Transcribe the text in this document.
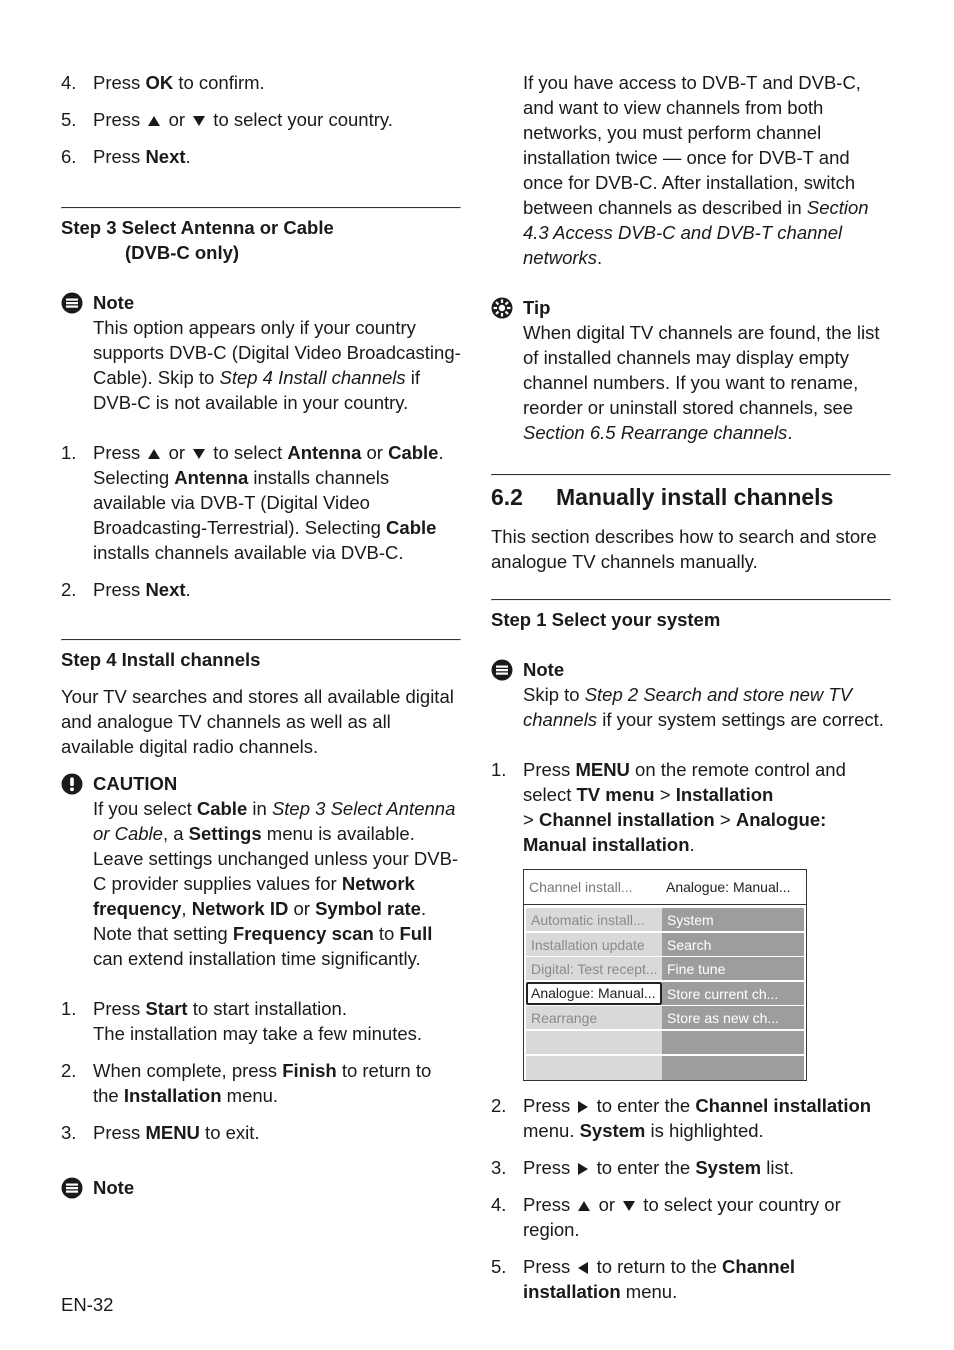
4. Press OK to confirm.
5. Press  or  to select your country.
6. Press Next.
Step 3 Select Antenna or Cable
(DVB-C only)
Note
This option appears only if your country supports DVB-C (Digital Video Broadcasting-Cable). Skip to Step 4 Install channels if DVB-C is not available in your country.
1. Press  or  to select Antenna or Cable.
Selecting Antenna installs channels available via DVB-T (Digital Video Broadcasting-Terrestrial). Selecting Cable installs channels available via DVB-C.
2. Press Next.
Step 4 Install channels
Your TV searches and stores all available digital and analogue TV channels as well as all available digital radio channels.
CAUTION
If you select Cable in Step 3 Select Antenna or Cable, a Settings menu is available. Leave settings unchanged unless your DVB-C provider supplies values for Network frequency, Network ID or Symbol rate. Note that setting Frequency scan to Full can extend installation time significantly.
1. Press Start to start installation.
The installation may take a few minutes.
2. When complete, press Finish to return to the Installation menu.
3. Press MENU to exit.
Note
EN-32
If you have access to DVB-T and DVB-C, and want to view channels from both networks, you must perform channel installation twice — once for DVB-T and once for DVB-C. After installation, switch between channels as described in Section 4.3 Access DVB-C and DVB-T channel networks.
Tip
When digital TV channels are found, the list of installed channels may display empty channel numbers. If you want to rename, reorder or uninstall stored channels, see Section 6.5 Rearrange channels.
6.2	Manually install channels
This section describes how to search and store analogue TV channels manually.
Step 1 Select your system
Note
Skip to Step 2 Search and store new TV channels if your system settings are correct.
1. Press MENU on the remote control and select TV menu > Installation
> Channel installation > Analogue: Manual installation.
Channel install...	Analogue: Manual...
Automatic install...
Installation update
Digital: Test recept...
Analogue: Manual...
Rearrange
System
Search
Fine tune
Store current ch...
Store as new ch...
2. Press  to enter the Channel installation menu. System is highlighted.
3. Press  to enter the System list.
4. Press  or  to select your country or region.
5. Press  to return to the Channel installation menu.
